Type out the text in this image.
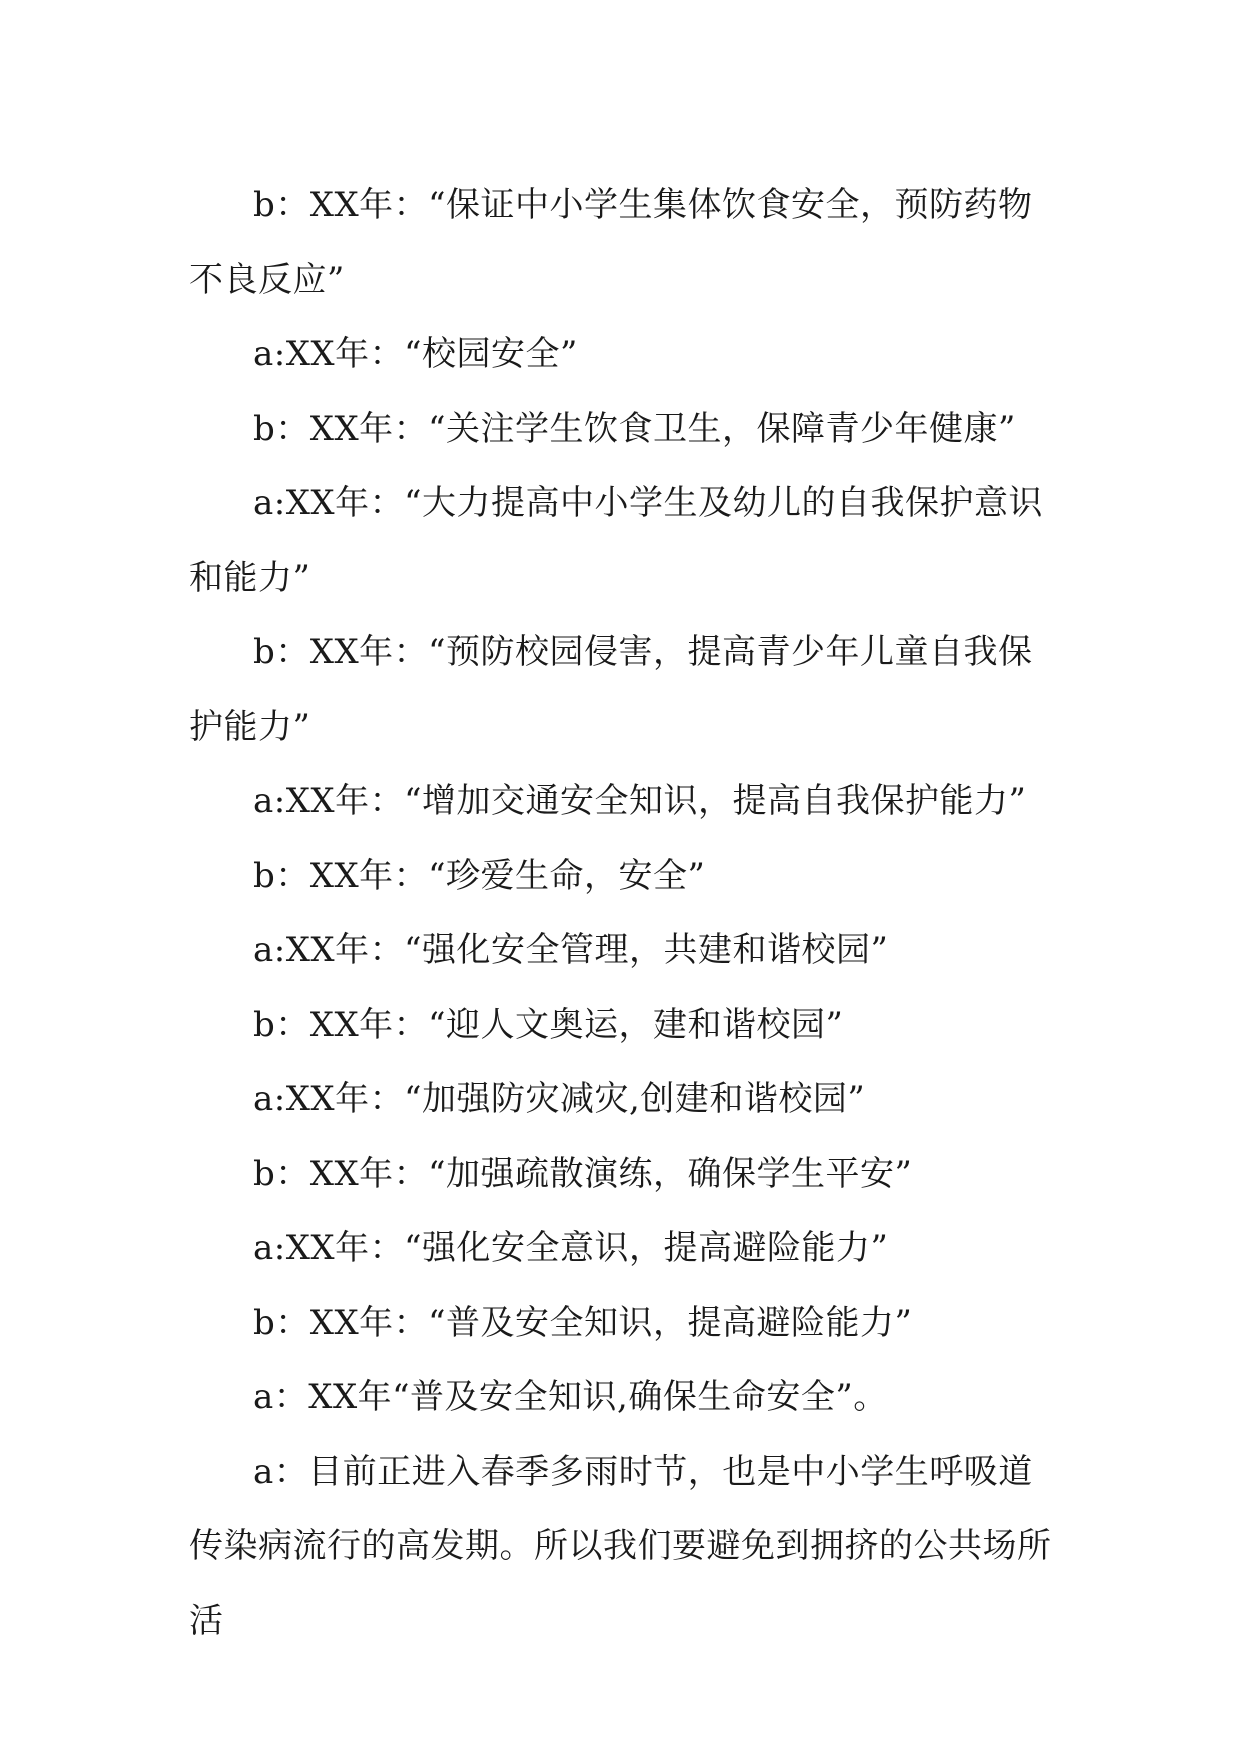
b：XX年：“保证中小学生集体饮食安全，预防药物不良反应”

a:XX年：“校园安全”

b：XX年：“关注学生饮食卫生，保障青少年健康”

a:XX年：“大力提高中小学生及幼儿的自我保护意识和能力”

b：XX年：“预防校园侵害，提高青少年儿童自我保护能力”

a:XX年：“增加交通安全知识，提高自我保护能力”

b：XX年：“珍爱生命，安全”

a:XX年：“强化安全管理，共建和谐校园”

b：XX年：“迎人文奥运，建和谐校园”

a:XX年：“加强防灾减灾,创建和谐校园”

b：XX年：“加强疏散演练，确保学生平安”

a:XX年：“强化安全意识，提高避险能力”

b：XX年：“普及安全知识，提高避险能力”

a：XX年“普及安全知识,确保生命安全”。

a：目前正进入春季多雨时节，也是中小学生呼吸道传染病流行的高发期。所以我们要避免到拥挤的公共场所活
